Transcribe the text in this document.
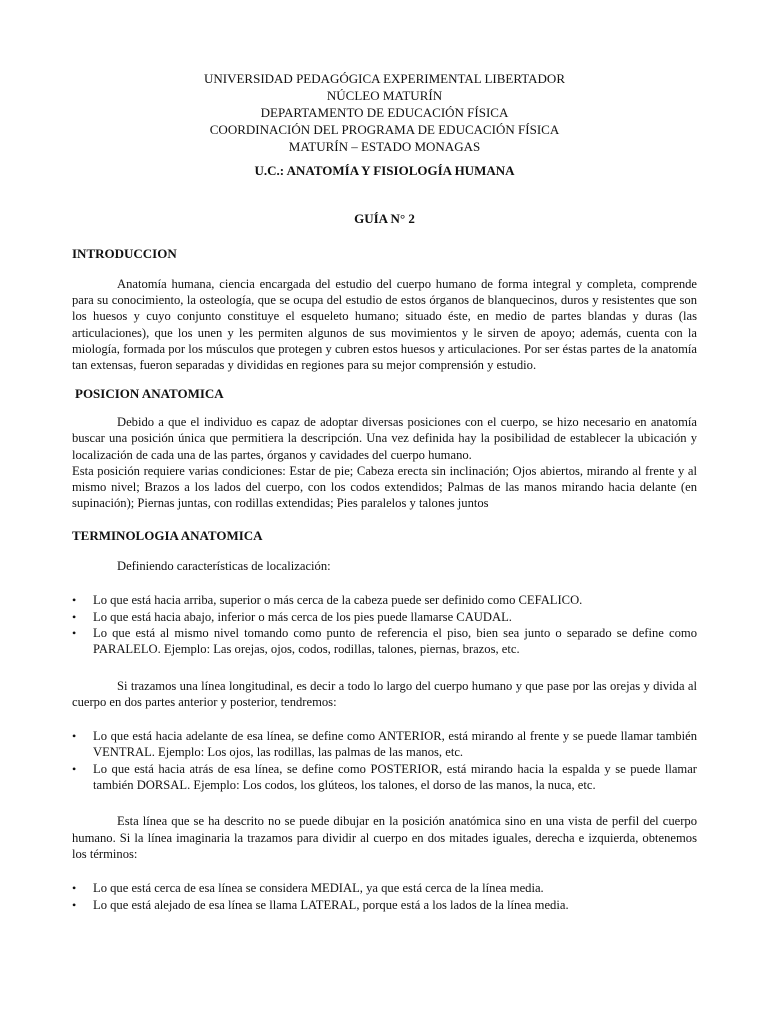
UNIVERSIDAD PEDAGÓGICA EXPERIMENTAL LIBERTADOR
NÚCLEO MATURÍN
DEPARTAMENTO DE EDUCACIÓN FÍSICA
COORDINACIÓN DEL PROGRAMA DE EDUCACIÓN FÍSICA
MATURÍN – ESTADO MONAGAS
U.C.: ANATOMÍA Y FISIOLOGÍA HUMANA
GUÍA N° 2
INTRODUCCION

Anatomía humana, ciencia encargada del estudio del cuerpo humano de forma integral y completa, comprende para su conocimiento, la osteología, que se ocupa del estudio de estos órganos de blanquecinos, duros y resistentes que son los huesos y cuyo conjunto constituye el esqueleto humano; situado éste, en medio de partes blandas y duras (las articulaciones), que los unen y les permiten algunos de sus movimientos y le sirven de apoyo; además, cuenta con la miología, formada por los músculos que protegen y cubren estos huesos y articulaciones. Por ser éstas partes de la anatomía tan extensas, fueron separadas y divididas en regiones para su mejor comprensión y estudio.

POSICION ANATOMICA

Debido a que el individuo es capaz de adoptar diversas posiciones con el cuerpo, se hizo necesario en anatomía buscar una posición única que permitiera la descripción. Una vez definida hay la posibilidad de establecer la ubicación y localización de cada una de las partes, órganos y cavidades del cuerpo humano.

Esta posición requiere varias condiciones: Estar de pie; Cabeza erecta sin inclinación; Ojos abiertos, mirando al frente y al mismo nivel; Brazos a los lados del cuerpo, con los codos extendidos; Palmas de las manos mirando hacia delante (en supinación); Piernas juntas, con rodillas extendidas; Pies paralelos y talones juntos

TERMINOLOGIA ANATOMICA

Definiendo características de localización:

• Lo que está hacia arriba, superior o más cerca de la cabeza puede ser definido como CEFALICO.
• Lo que está hacia abajo, inferior o más cerca de los pies puede llamarse CAUDAL.
• Lo que está al mismo nivel tomando como punto de referencia el piso, bien sea junto o separado se define como PARALELO. Ejemplo: Las orejas, ojos, codos, rodillas, talones, piernas, brazos, etc.

Si trazamos una línea longitudinal, es decir a todo lo largo del cuerpo humano y que pase por las orejas y divida al cuerpo en dos partes anterior y posterior, tendremos:

• Lo que está hacia adelante de esa línea, se define como ANTERIOR, está mirando al frente y se puede llamar también VENTRAL. Ejemplo: Los ojos, las rodillas, las palmas de las manos, etc.
• Lo que está hacia atrás de esa línea, se define como POSTERIOR, está mirando hacia la espalda y se puede llamar también DORSAL. Ejemplo: Los codos, los glúteos, los talones, el dorso de las manos, la nuca, etc.

Esta línea que se ha descrito no se puede dibujar en la posición anatómica sino en una vista de perfil del cuerpo humano. Si la línea imaginaria la trazamos para dividir al cuerpo en dos mitades iguales, derecha e izquierda, obtenemos los términos:

• Lo que está cerca de esa línea se considera MEDIAL, ya que está cerca de la línea media.
• Lo que está alejado de esa línea se llama LATERAL, porque está a los lados de la línea media.
